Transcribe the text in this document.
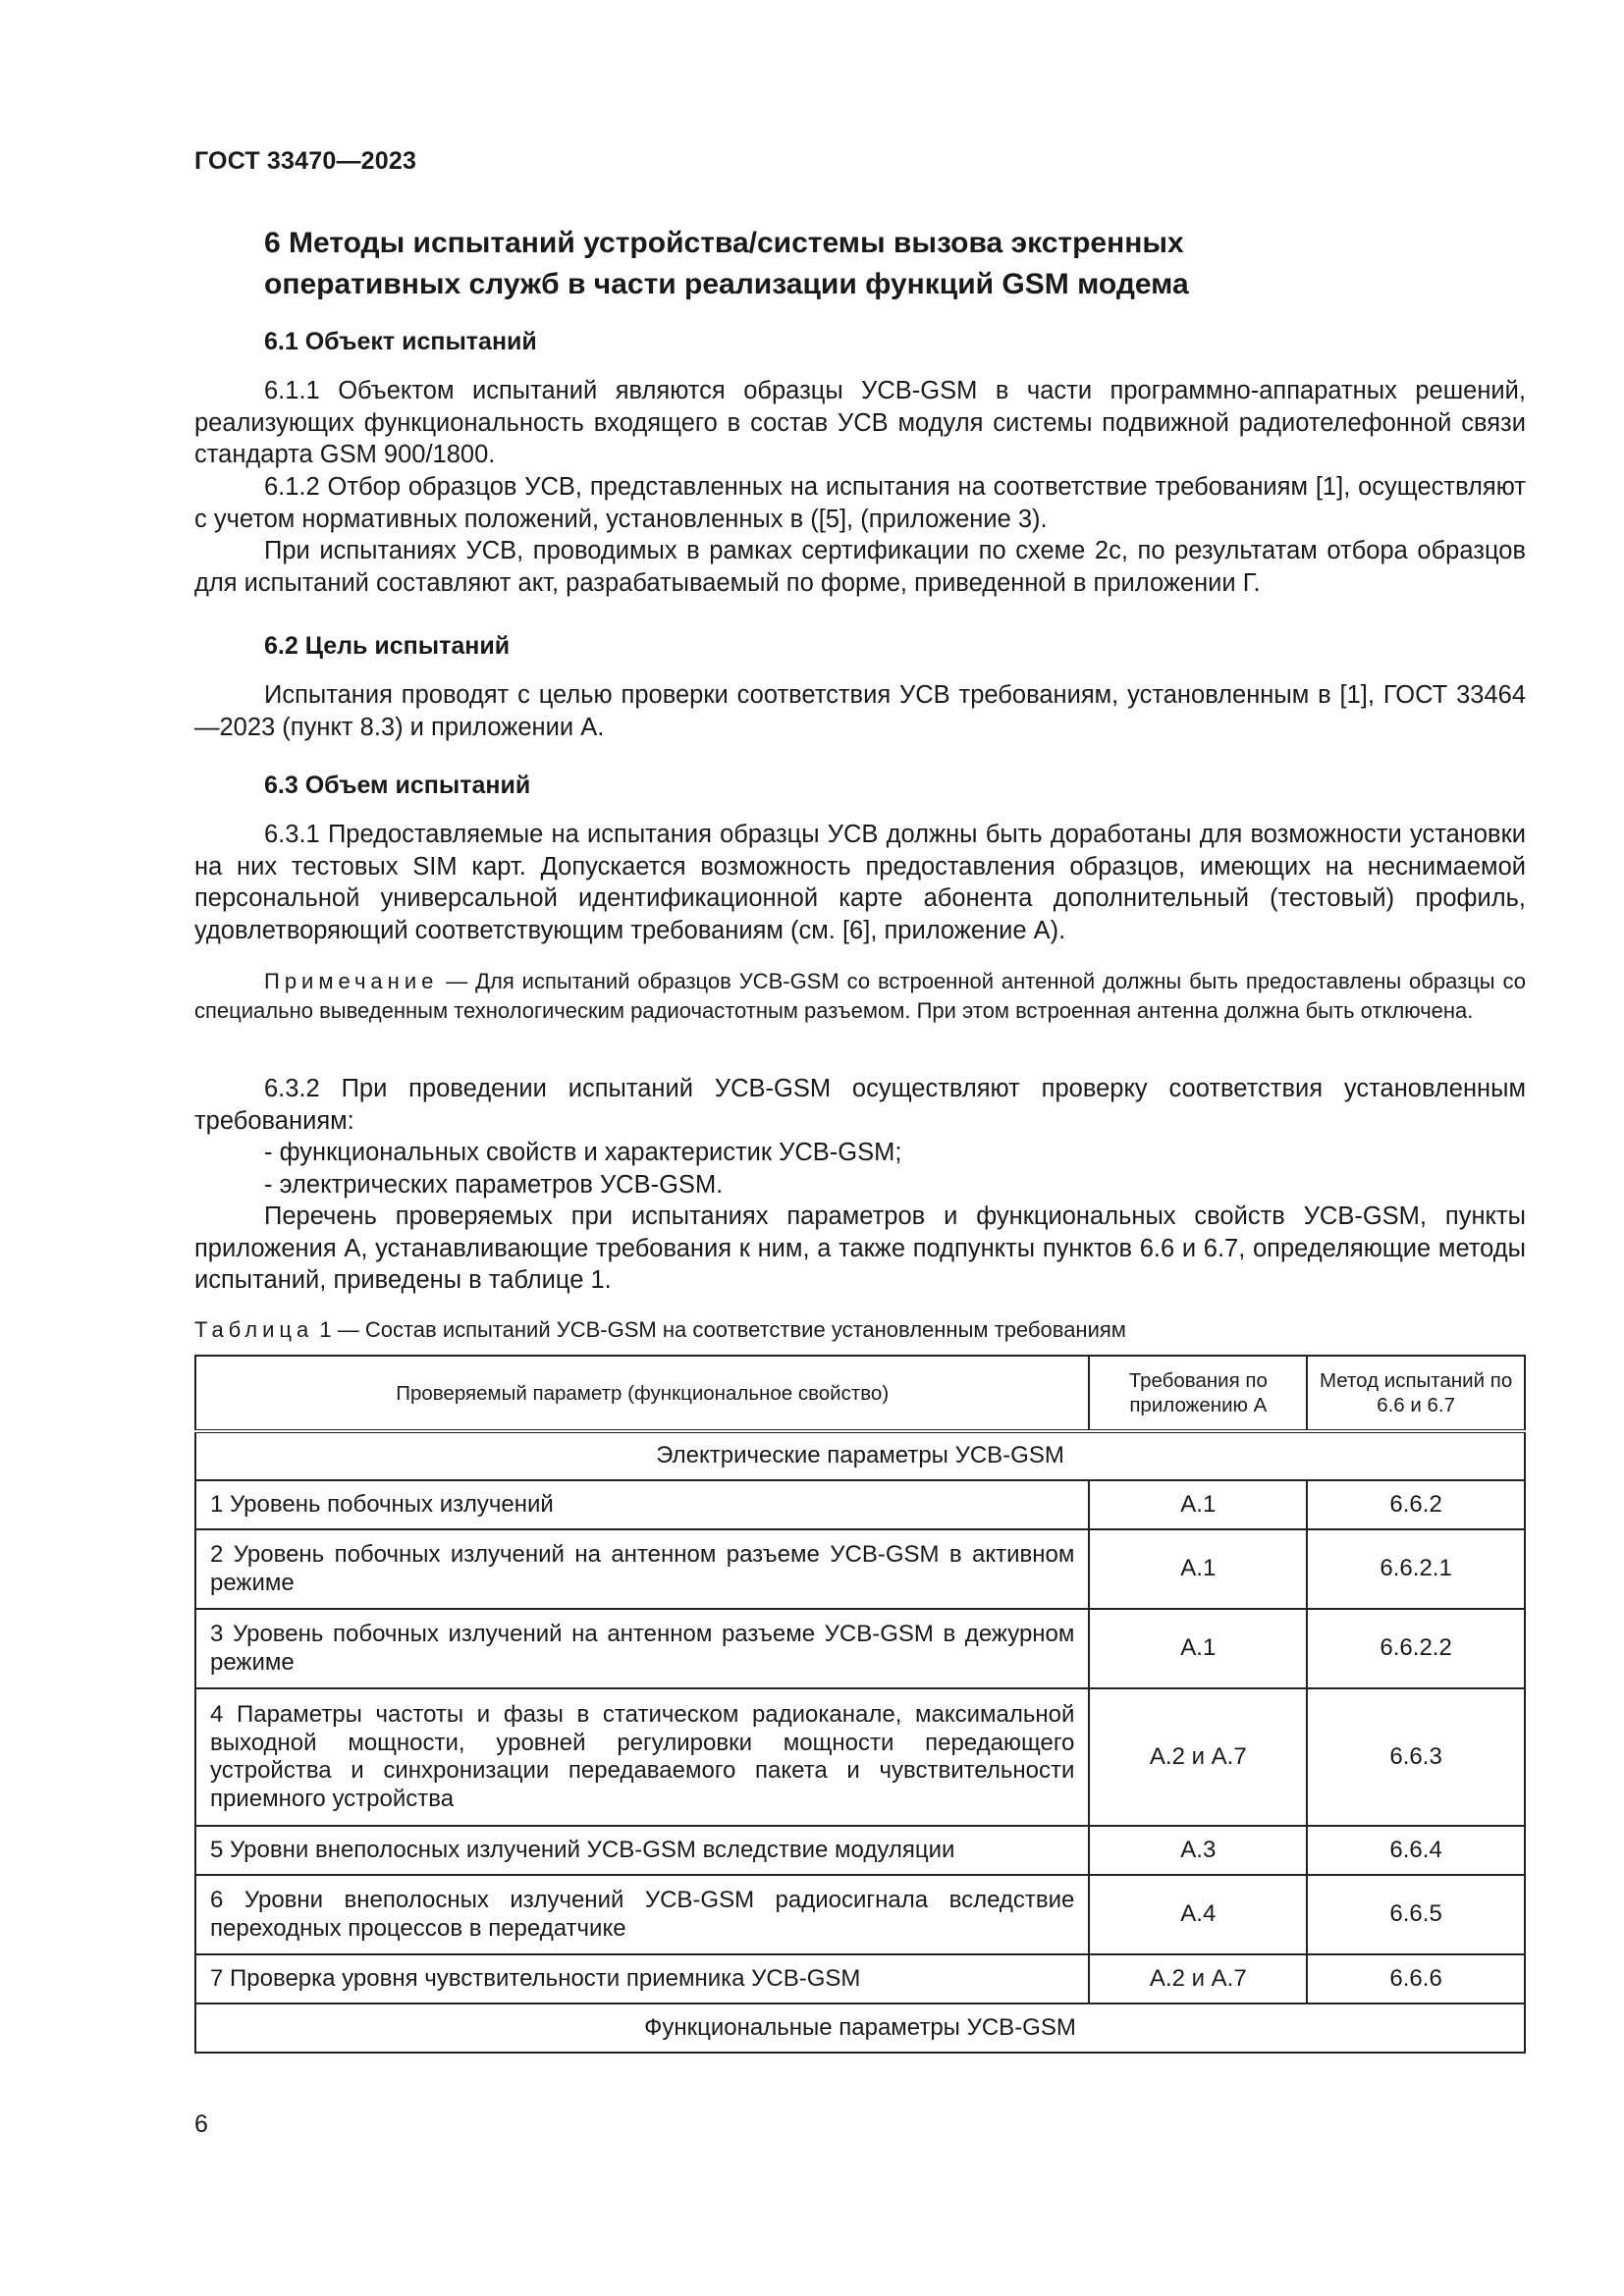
ГОСТ 33470—2023
6 Методы испытаний устройства/системы вызова экстренных
оперативных служб в части реализации функций GSM модема
6.1 Объект испытаний
6.1.1 Объектом испытаний являются образцы УСВ-GSM в части программно-аппаратных решений, реализующих функциональность входящего в состав УСВ модуля системы подвижной радиотелефонной связи стандарта GSM 900/1800.
6.1.2 Отбор образцов УСВ, представленных на испытания на соответствие требованиям [1], осуществляют с учетом нормативных положений, установленных в ([5], (приложение 3).
При испытаниях УСВ, проводимых в рамках сертификации по схеме 2с, по результатам отбора образцов для испытаний составляют акт, разрабатываемый по форме, приведенной в приложении Г.
6.2 Цель испытаний
Испытания проводят с целью проверки соответствия УСВ требованиям, установленным в [1], ГОСТ 33464—2023 (пункт 8.3) и приложении А.
6.3 Объем испытаний
6.3.1 Предоставляемые на испытания образцы УСВ должны быть доработаны для возможности установки на них тестовых SIM карт. Допускается возможность предоставления образцов, имеющих на неснимаемой персональной универсальной идентификационной карте абонента дополнительный (тестовый) профиль, удовлетворяющий соответствующим требованиям (см. [6], приложение А).
Примечание — Для испытаний образцов УСВ-GSM со встроенной антенной должны быть предоставлены образцы со специально выведенным технологическим радиочастотным разъемом. При этом встроенная антенна должна быть отключена.
6.3.2 При проведении испытаний УСВ-GSM осуществляют проверку соответствия установленным требованиям:
- функциональных свойств и характеристик УСВ-GSM;
- электрических параметров УСВ-GSM.
Перечень проверяемых при испытаниях параметров и функциональных свойств УСВ-GSM, пункты приложения А, устанавливающие требования к ним, а также подпункты пунктов 6.6 и 6.7, определяющие методы испытаний, приведены в таблице 1.
Таблица 1 — Состав испытаний УСВ-GSM на соответствие установленным требованиям
Проверяемый параметр (функциональное свойство)	Требования по приложению А	Метод испытаний по 6.6 и 6.7
Электрические параметры УСВ-GSM		
1 Уровень побочных излучений	А.1	6.6.2
2 Уровень побочных излучений на антенном разъеме УСВ-GSM в активном режиме	А.1	6.6.2.1
3 Уровень побочных излучений на антенном разъеме УСВ-GSM в дежурном режиме	А.1	6.6.2.2
4 Параметры частоты и фазы в статическом радиоканале, максимальной выходной мощности, уровней регулировки мощности передающего устройства и синхронизации передаваемого пакета и чувствительности приемного устройства	А.2 и А.7	6.6.3
5 Уровни внеполосных излучений УСВ-GSM вследствие модуляции	А.3	6.6.4
6 Уровни внеполосных излучений УСВ-GSM радиосигнала вследствие переходных процессов в передатчике	А.4	6.6.5
7 Проверка уровня чувствительности приемника УСВ-GSM	А.2 и А.7	6.6.6
Функциональные параметры УСВ-GSM		
6
